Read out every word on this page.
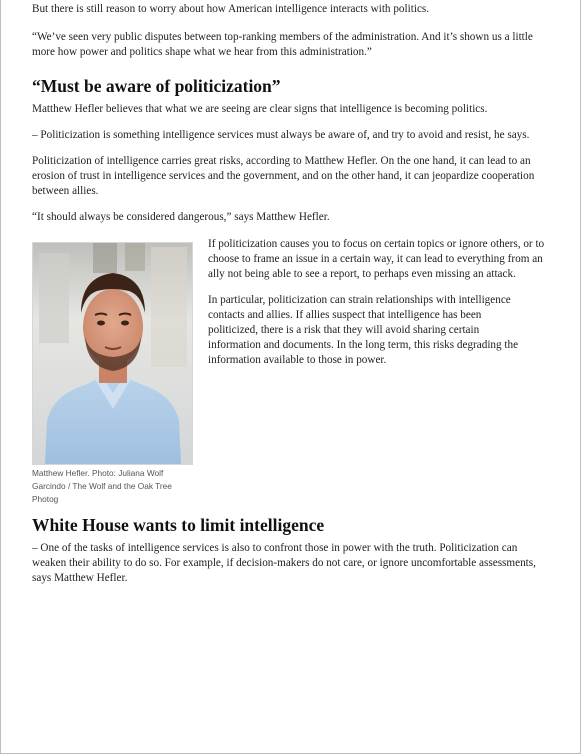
But there is still reason to worry about how American intelligence interacts with politics.

“We’ve seen very public disputes between top-ranking members of the administration. And it’s shown us a little more how power and politics shape what we hear from this administration.”

“Must be aware of politicization”

Matthew Hefler believes that what we are seeing are clear signs that intelligence is becoming politics.

– Politicization is something intelligence services must always be aware of, and try to avoid and resist, he says.

Politicization of intelligence carries great risks, according to Matthew Hefler. On the one hand, it can lead to an erosion of trust in intelligence services and the government, and on the other hand, it can jeopardize cooperation between allies.

“It should always be considered dangerous,” says Matthew Hefler.

Matthew Hefler. Photo: Juliana Wolf Garcindo / The Wolf and the Oak Tree Photog

If politicization causes you to focus on certain topics or ignore others, or to choose to frame an issue in a certain way, it can lead to everything from an ally not being able to see a report, to perhaps even missing an attack.

In particular, politicization can strain relationships with intelligence contacts and allies. If allies suspect that intelligence has been politicized, there is a risk that they will avoid sharing certain information and documents. In the long term, this risks degrading the information available to those in power.

White House wants to limit intelligence

– One of the tasks of intelligence services is also to confront those in power with the truth. Politicization can weaken their ability to do so. For example, if decision-makers do not care, or ignore uncomfortable assessments, says Matthew Hefler.
